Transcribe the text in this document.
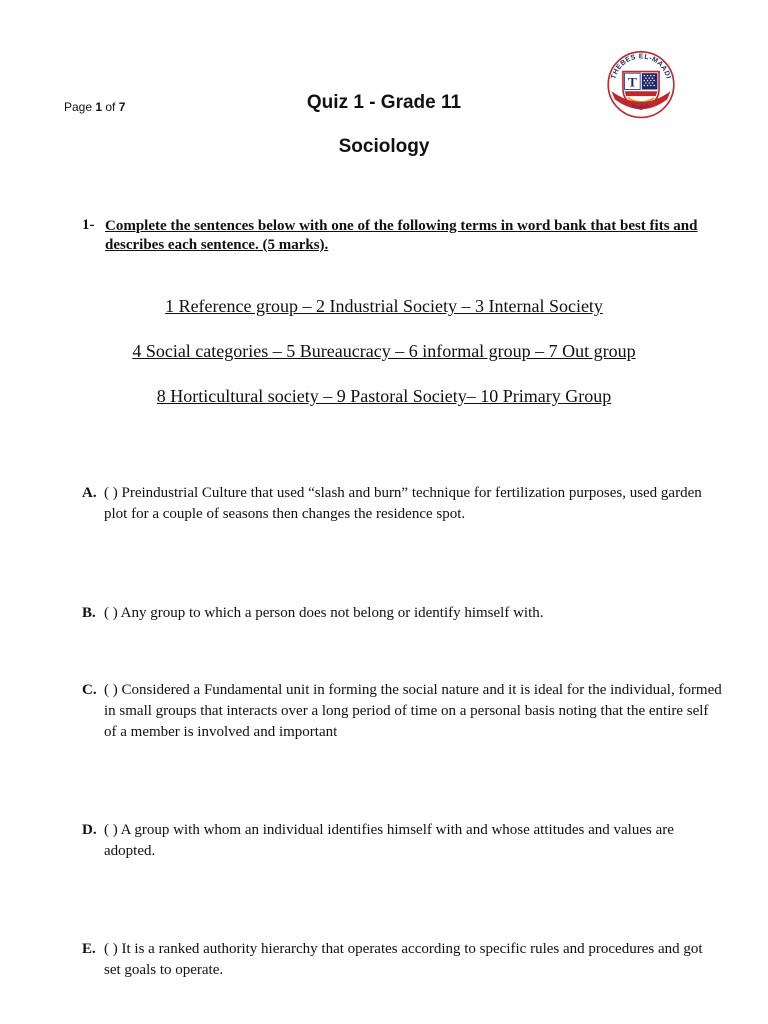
Page 1 of 7	Quiz 1 - Grade 11
Sociology
THEBES EL-MAADI
T
SCHOOL
1- Complete the sentences below with one of the following terms in word bank that best fits and describes each sentence. (5 marks).
1 Reference group – 2 Industrial Society – 3 Internal Society
4 Social categories – 5 Bureaucracy – 6 informal group – 7 Out group
8 Horticultural society – 9 Pastoral Society– 10 Primary Group
A. ( ) Preindustrial Culture that used “slash and burn” technique for fertilization purposes, used garden plot for a couple of seasons then changes the residence spot.
B. ( ) Any group to which a person does not belong or identify himself with.
C. ( ) Considered a Fundamental unit in forming the social nature and it is ideal for the individual, formed in small groups that interacts over a long period of time on a personal basis noting that the entire self of a member is involved and important
D. ( ) A group with whom an individual identifies himself with and whose attitudes and values are adopted.
E. ( ) It is a ranked authority hierarchy that operates according to specific rules and procedures and got set goals to operate.
